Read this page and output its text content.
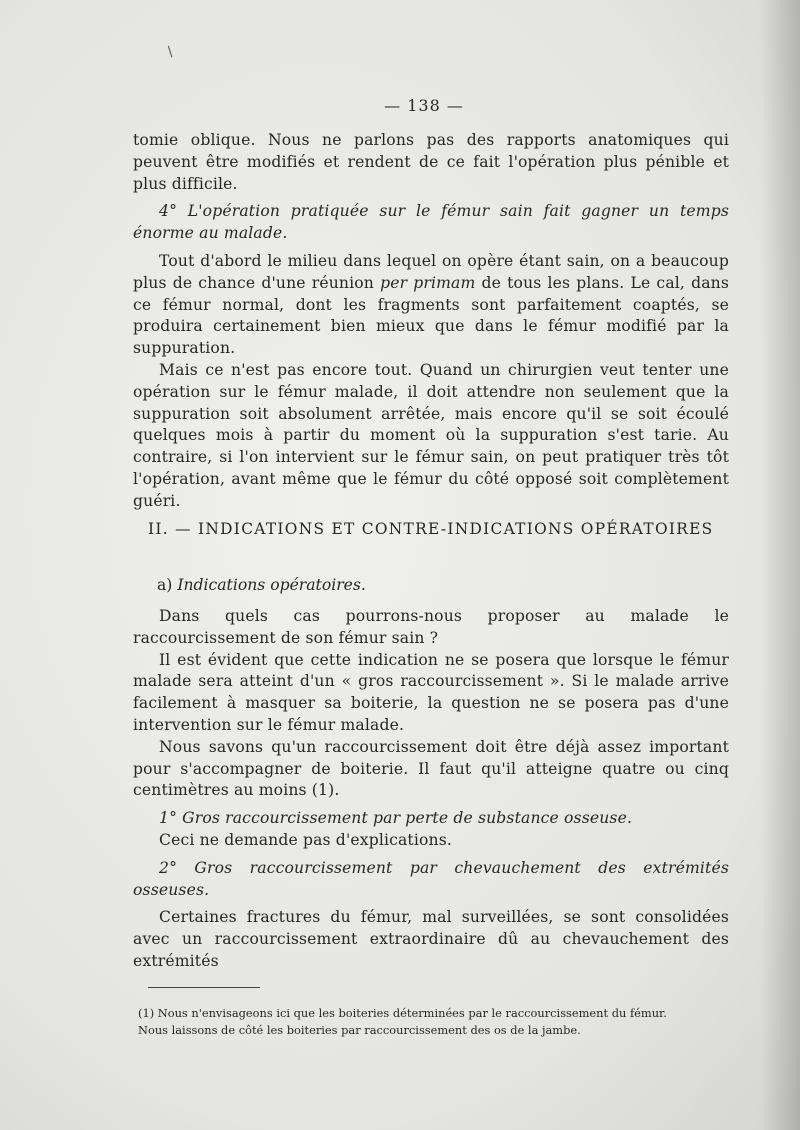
/
— 138 —

tomie oblique. Nous ne parlons pas des rapports anatomiques qui peuvent être modifiés et rendent de ce fait l'opération plus pénible et plus difficile.

4° L'opération pratiquée sur le fémur sain fait gagner un temps énorme au malade.

Tout d'abord le milieu dans lequel on opère étant sain, on a beaucoup plus de chance d'une réunion per primam de tous les plans. Le cal, dans ce fémur normal, dont les fragments sont parfaitement coaptés, se produira certainement bien mieux que dans le fémur modifié par la suppuration.

Mais ce n'est pas encore tout. Quand un chirurgien veut tenter une opération sur le fémur malade, il doit attendre non seulement que la suppuration soit absolument arrêtée, mais encore qu'il se soit écoulé quelques mois à partir du moment où la suppuration s'est tarie. Au contraire, si l'on intervient sur le fémur sain, on peut pratiquer très tôt l'opération, avant même que le fémur du côté opposé soit complètement guéri.

II. — INDICATIONS ET CONTRE-INDICATIONS OPÉRATOIRES
a) Indications opératoires.

Dans quels cas pourrons-nous proposer au malade le raccourcissement de son fémur sain ?

Il est évident que cette indication ne se posera que lorsque le fémur malade sera atteint d'un « gros raccourcissement ». Si le malade arrive facilement à masquer sa boiterie, la question ne se posera pas d'une intervention sur le fémur malade.

Nous savons qu'un raccourcissement doit être déjà assez important pour s'accompagner de boiterie. Il faut qu'il atteigne quatre ou cinq centimètres au moins (1).

1° Gros raccourcissement par perte de substance osseuse.

Ceci ne demande pas d'explications.

2° Gros raccourcissement par chevauchement des extrémités osseuses.

Certaines fractures du fémur, mal surveillées, se sont consolidées avec un raccourcissement extraordinaire dû au chevauchement des extrémités

(1) Nous n'envisageons ici que les boiteries déterminées par le raccourcissement du fémur.

Nous laissons de côté les boiteries par raccourcissement des os de la jambe.
